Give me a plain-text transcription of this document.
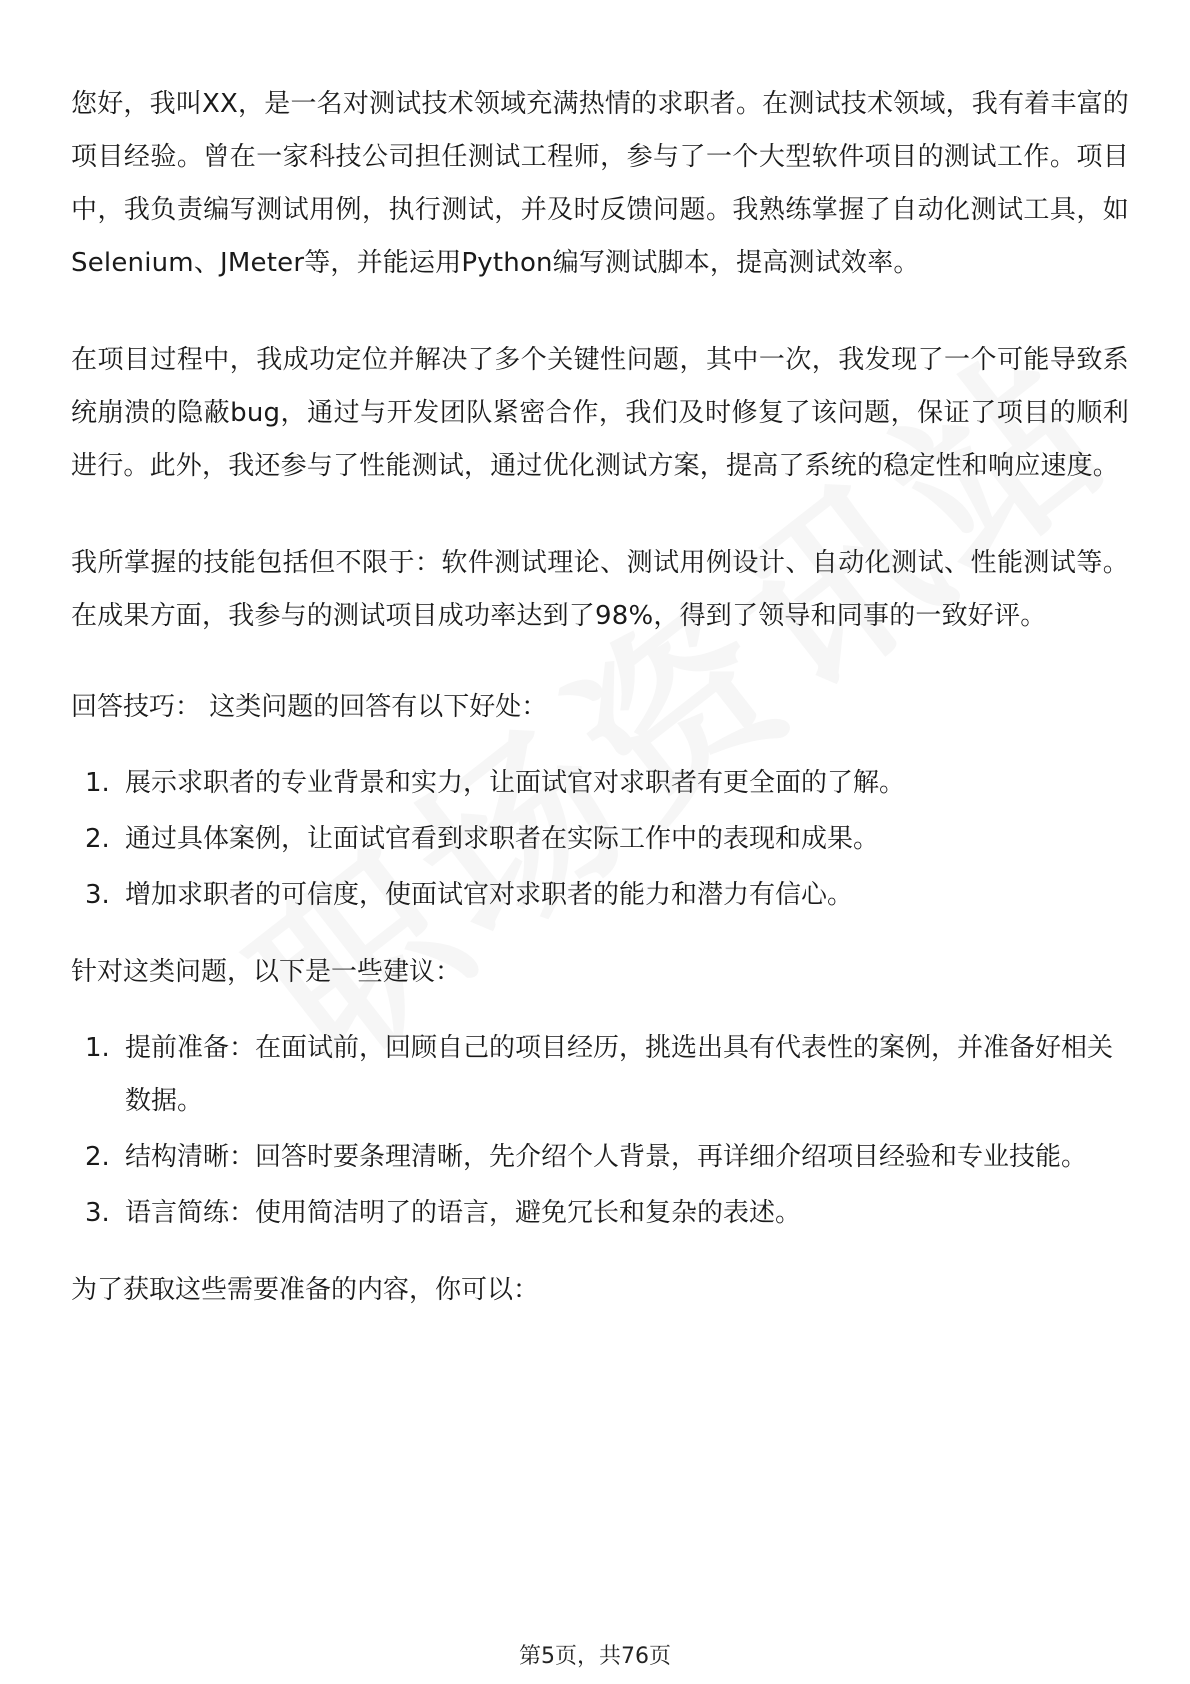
您好，我叫XX，是一名对测试技术领域充满热情的求职者。在测试技术领域，我有着丰富的项目经验。曾在一家科技公司担任测试工程师，参与了一个大型软件项目的测试工作。项目中，我负责编写测试用例，执行测试，并及时反馈问题。我熟练掌握了自动化测试工具，如Selenium、JMeter等，并能运用Python编写测试脚本，提高测试效率。

在项目过程中，我成功定位并解决了多个关键性问题，其中一次，我发现了一个可能导致系统崩溃的隐蔽bug，通过与开发团队紧密合作，我们及时修复了该问题，保证了项目的顺利进行。此外，我还参与了性能测试，通过优化测试方案，提高了系统的稳定性和响应速度。

我所掌握的技能包括但不限于：软件测试理论、测试用例设计、自动化测试、性能测试等。在成果方面，我参与的测试项目成功率达到了98%，得到了领导和同事的一致好评。

回答技巧： 这类问题的回答有以下好处：

1. 展示求职者的专业背景和实力，让面试官对求职者有更全面的了解。
2. 通过具体案例，让面试官看到求职者在实际工作中的表现和成果。
3. 增加求职者的可信度，使面试官对求职者的能力和潜力有信心。

针对这类问题，以下是一些建议：

1. 提前准备：在面试前，回顾自己的项目经历，挑选出具有代表性的案例，并准备好相关数据。
2. 结构清晰：回答时要条理清晰，先介绍个人背景，再详细介绍项目经验和专业技能。
3. 语言简练：使用简洁明了的语言，避免冗长和复杂的表述。

为了获取这些需要准备的内容，你可以：

第5页，共76页
